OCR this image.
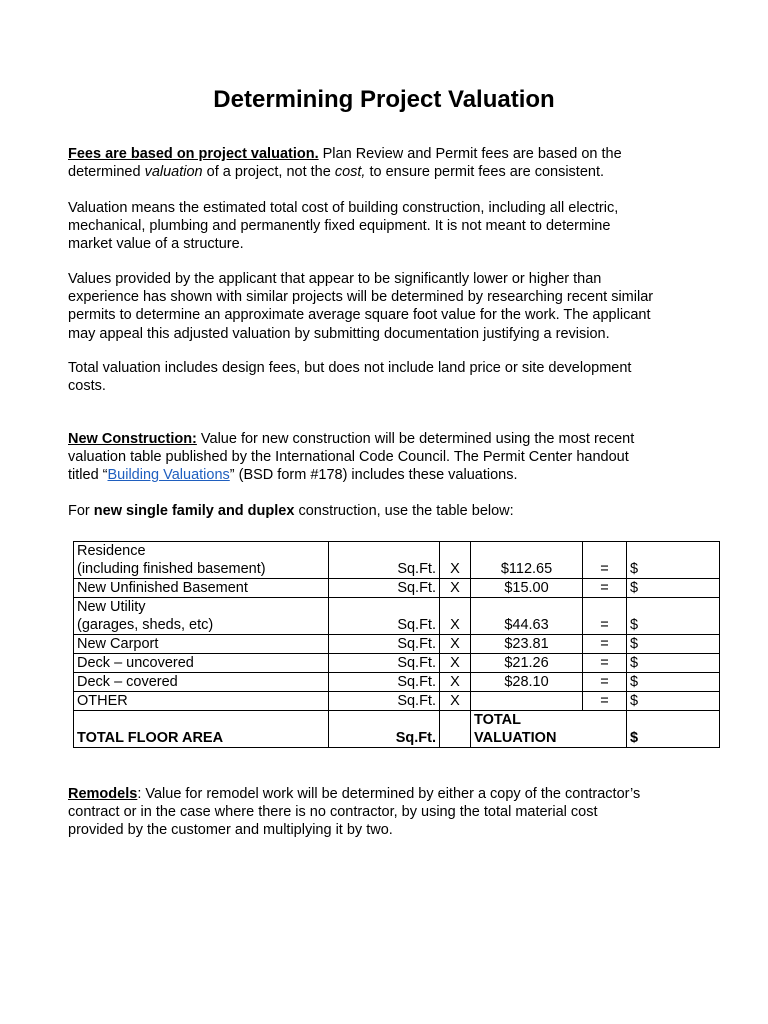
Determining Project Valuation
Fees are based on project valuation. Plan Review and Permit fees are based on the
determined valuation of a project, not the cost, to ensure permit fees are consistent.
Valuation means the estimated total cost of building construction, including all electric,
mechanical, plumbing and permanently fixed equipment. It is not meant to determine
market value of a structure.
Values provided by the applicant that appear to be significantly lower or higher than
experience has shown with similar projects will be determined by researching recent similar
permits to determine an approximate average square foot value for the work. The applicant
may appeal this adjusted valuation by submitting documentation justifying a revision.
Total valuation includes design fees, but does not include land price or site development
costs.
New Construction: Value for new construction will be determined using the most recent
valuation table published by the International Code Council. The Permit Center handout
titled “Building Valuations” (BSD form #178) includes these valuations.
For new single family and duplex construction, use the table below:
Residence
(including finished basement)	Sq.Ft.	X	$112.65	=	$

New Unfinished Basement	Sq.Ft.	X	$15.00	=	$

New Utility
(garages, sheds, etc)	Sq.Ft.	X	$44.63	=	$

New Carport	Sq.Ft.	X	$23.81	=	$

Deck – uncovered	Sq.Ft.	X	$21.26	=	$

Deck – covered	Sq.Ft.	X	$28.10	=	$

OTHER	Sq.Ft.	X		=	$
TOTAL FLOOR AREA	Sq.Ft.		TOTAL
VALUATION		$
Remodels: Value for remodel work will be determined by either a copy of the contractor’s
contract or in the case where there is no contractor, by using the total material cost
provided by the customer and multiplying it by two.
